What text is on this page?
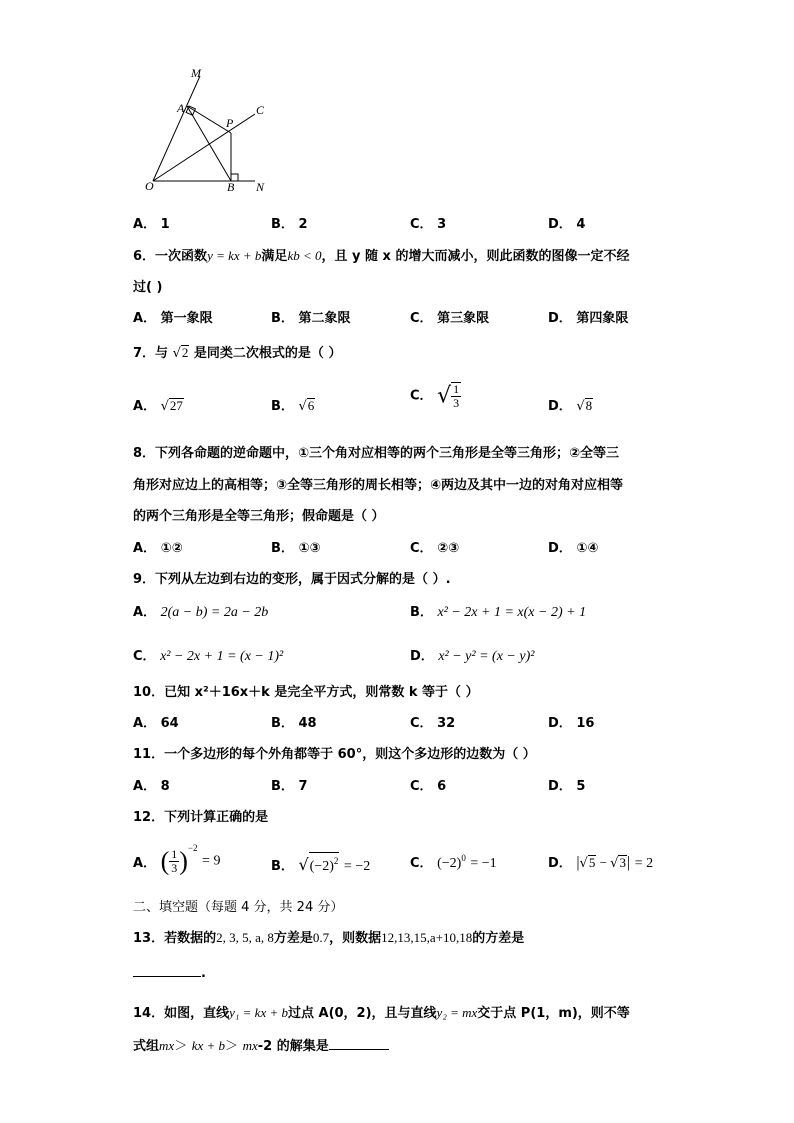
M
A
P
C
O	B N
A． 1	B． 2	C． 3	D． 4
6．一次函数y = kx + b满足kb < 0，且 y 随 x 的增大而减小，则此函数的图像一定不经
过( )
A． 第一象限	B． 第二象限	C． 第三象限	D． 第四象限
7．与 √2 是同类二次根式的是（ ）
A． √27	B． √6
C． √ $\frac{1}{3}$	D． √8
8．下列各命题的逆命题中，①三个角对应相等的两个三角形是全等三角形；②全等三
角形对应边上的高相等；③全等三角形的周长相等；④两边及其中一边的对角对应相等
的两个三角形是全等三角形；假命题是（ ）
A． ①②	B． ①③	C． ②③	D． ①④
9．下列从左边到右边的变形，属于因式分解的是（ ）.
A． 2(a − b) = 2a − 2b	B． x² − 2x + 1 = x(x − 2) + 1
C． x² − 2x + 1 = (x − 1)²	D． x² − y² = (x − y)²
10．已知 x²＋16x＋k 是完全平方式，则常数 k 等于（ ）
A． 64	B． 48	C． 32	D． 16
11．一个多边形的每个外角都等于 60°，则这个多边形的边数为（ ）
A． 8	B． 7	C． 6	D． 5
12．下列计算正确的是
A． ( $\frac{1}{3} )^{-2} = 9$	B． $√(-2)^2 = -2$	C． $(-2)^0 = -1$	D． |√5 − √3| = 2
二、填空题（每题 4 分，共 24 分）
13．若数据的2, 3, 5, a, 8方差是0.7，则数据12,13,15,a+10,18的方差是
.
14．如图，直线y₁ = kx + b过点 A(0，2)，且与直线y₂ = mx交于点 P(1，m)，则不等
式组mx＞ kx + b＞ mx-2 的解集是
